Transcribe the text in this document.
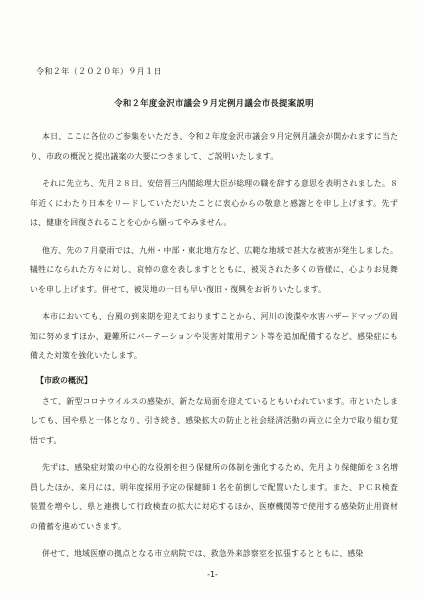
令和２年（２０２０年）９月１日
令和２年度金沢市議会９月定例月議会市長提案説明

本日、ここに各位のご参集をいただき、令和２年度金沢市議会９月定例月議会が開かれますに当たり、市政の概況と提出議案の大要につきまして、ご説明いたします。

それに先立ち、先月２８日、安倍晋三内閣総理大臣が総理の職を辞する意思を表明されました。８年近くにわたり日本をリードしていただいたことに衷心からの敬意と感謝とを申し上げます。先ずは、健康を回復されることを心から願ってやみません。

他方、先の７月豪雨では、九州・中部・東北地方など、広範な地域で甚大な被害が発生しました。犠牲になられた方々に対し、哀悼の意を表しますとともに、被災された多くの皆様に、心よりお見舞いを申し上げます。併せて、被災地の一日も早い復旧・復興をお祈りいたします。

本市においても、台風の到来期を迎えておりますことから、河川の浚渫や水害ハザードマップの周知に努めますほか、避難所にパーテーションや災害対策用テント等を追加配備するなど、感染症にも備えた対策を強化いたします。

【市政の概況】

さて、新型コロナウイルスの感染が、新たな局面を迎えているともいわれています。市といたしましても、国や県と一体となり、引き続き、感染拡大の防止と社会経済活動の両立に全力で取り組む覚悟です。

先ずは、感染症対策の中心的な役割を担う保健所の体制を強化するため、先月より保健師を３名増員したほか、来月には、明年度採用予定の保健師１名を前倒しで配置いたします。また、ＰＣＲ検査装置を増やし、県と連携して行政検査の拡大に対応するほか、医療機関等で使用する感染防止用資材の備蓄を進めていきます。

併せて、地域医療の拠点となる市立病院では、救急外来診察室を拡張するとともに、感染

-1-
